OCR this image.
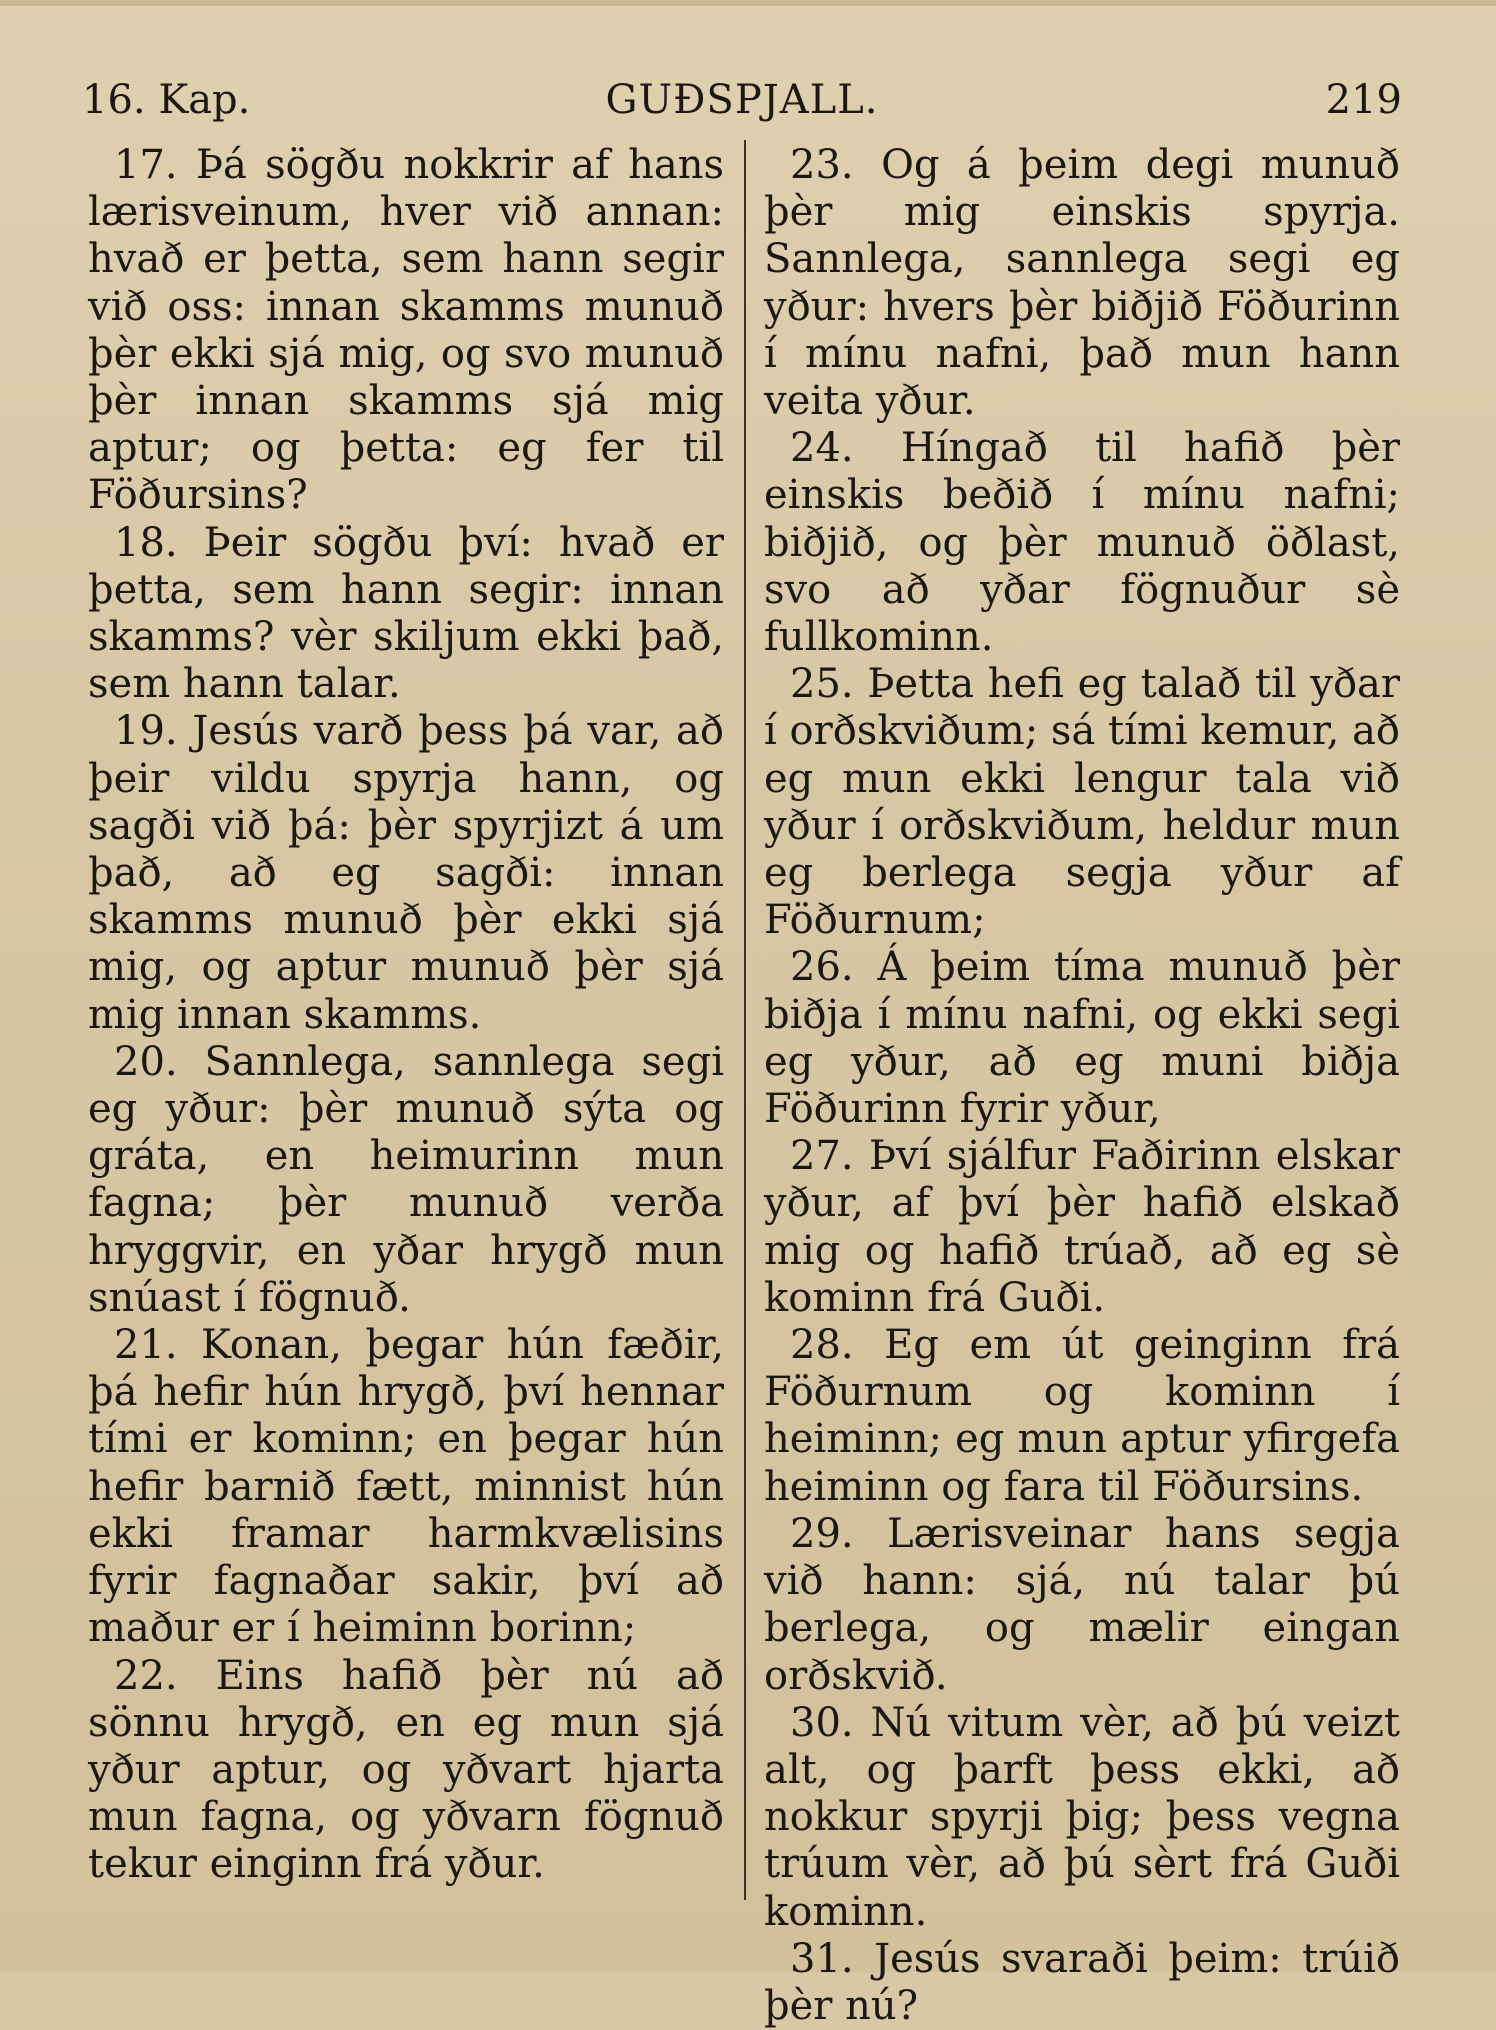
16. Kap.	GUÐSPJALL.	219

17. Þá sögðu nokkrir af hans lærisveinum, hver við annan: hvað er þetta, sem hann segir við oss: innan skamms munuð þèr ekki sjá mig, og svo munuð þèr innan skamms sjá mig aptur; og þetta: eg fer til Föðursins?

18. Þeir sögðu því: hvað er þetta, sem hann segir: innan skamms? vèr skiljum ekki það, sem hann talar.

19. Jesús varð þess þá var, að þeir vildu spyrja hann, og sagði við þá: þèr spyrjizt á um það, að eg sagði: innan skamms munuð þèr ekki sjá mig, og aptur munuð þèr sjá mig innan skamms.

20. Sannlega, sannlega segi eg yður: þèr munuð sýta og gráta, en heimurinn mun fagna; þèr munuð verða hryggvir, en yðar hrygð mun snúast í fögnuð.

21. Konan, þegar hún fæðir, þá hefir hún hrygð, því hennar tími er kominn; en þegar hún hefir barnið fætt, minnist hún ekki framar harmkvælisins fyrir fagnaðar sakir, því að maður er í heiminn borinn;

22. Eins hafið þèr nú að sönnu hrygð, en eg mun sjá yður aptur, og yðvart hjarta mun fagna, og yðvarn fögnuð tekur einginn frá yður.

23. Og á þeim degi munuð þèr mig einskis spyrja. Sannlega, sannlega segi eg yður: hvers þèr biðjið Föðurinn í mínu nafni, það mun hann veita yður.

24. Híngað til hafið þèr einskis beðið í mínu nafni; biðjið, og þèr munuð öðlast, svo að yðar fögnuður sè fullkominn.

25. Þetta hefi eg talað til yðar í orðskviðum; sá tími kemur, að eg mun ekki lengur tala við yður í orðskviðum, heldur mun eg berlega segja yður af Föðurnum;

26. Á þeim tíma munuð þèr biðja í mínu nafni, og ekki segi eg yður, að eg muni biðja Föðurinn fyrir yður,

27. Því sjálfur Faðirinn elskar yður, af því þèr hafið elskað mig og hafið trúað, að eg sè kominn frá Guði.

28. Eg em út geinginn frá Föðurnum og kominn í heiminn; eg mun aptur yfirgefa heiminn og fara til Föðursins.

29. Lærisveinar hans segja við hann: sjá, nú talar þú berlega, og mælir eingan orðskvið.

30. Nú vitum vèr, að þú veizt alt, og þarft þess ekki, að nokkur spyrji þig; þess vegna trúum vèr, að þú sèrt frá Guði kominn.

31. Jesús svaraði þeim: trúið þèr nú?
